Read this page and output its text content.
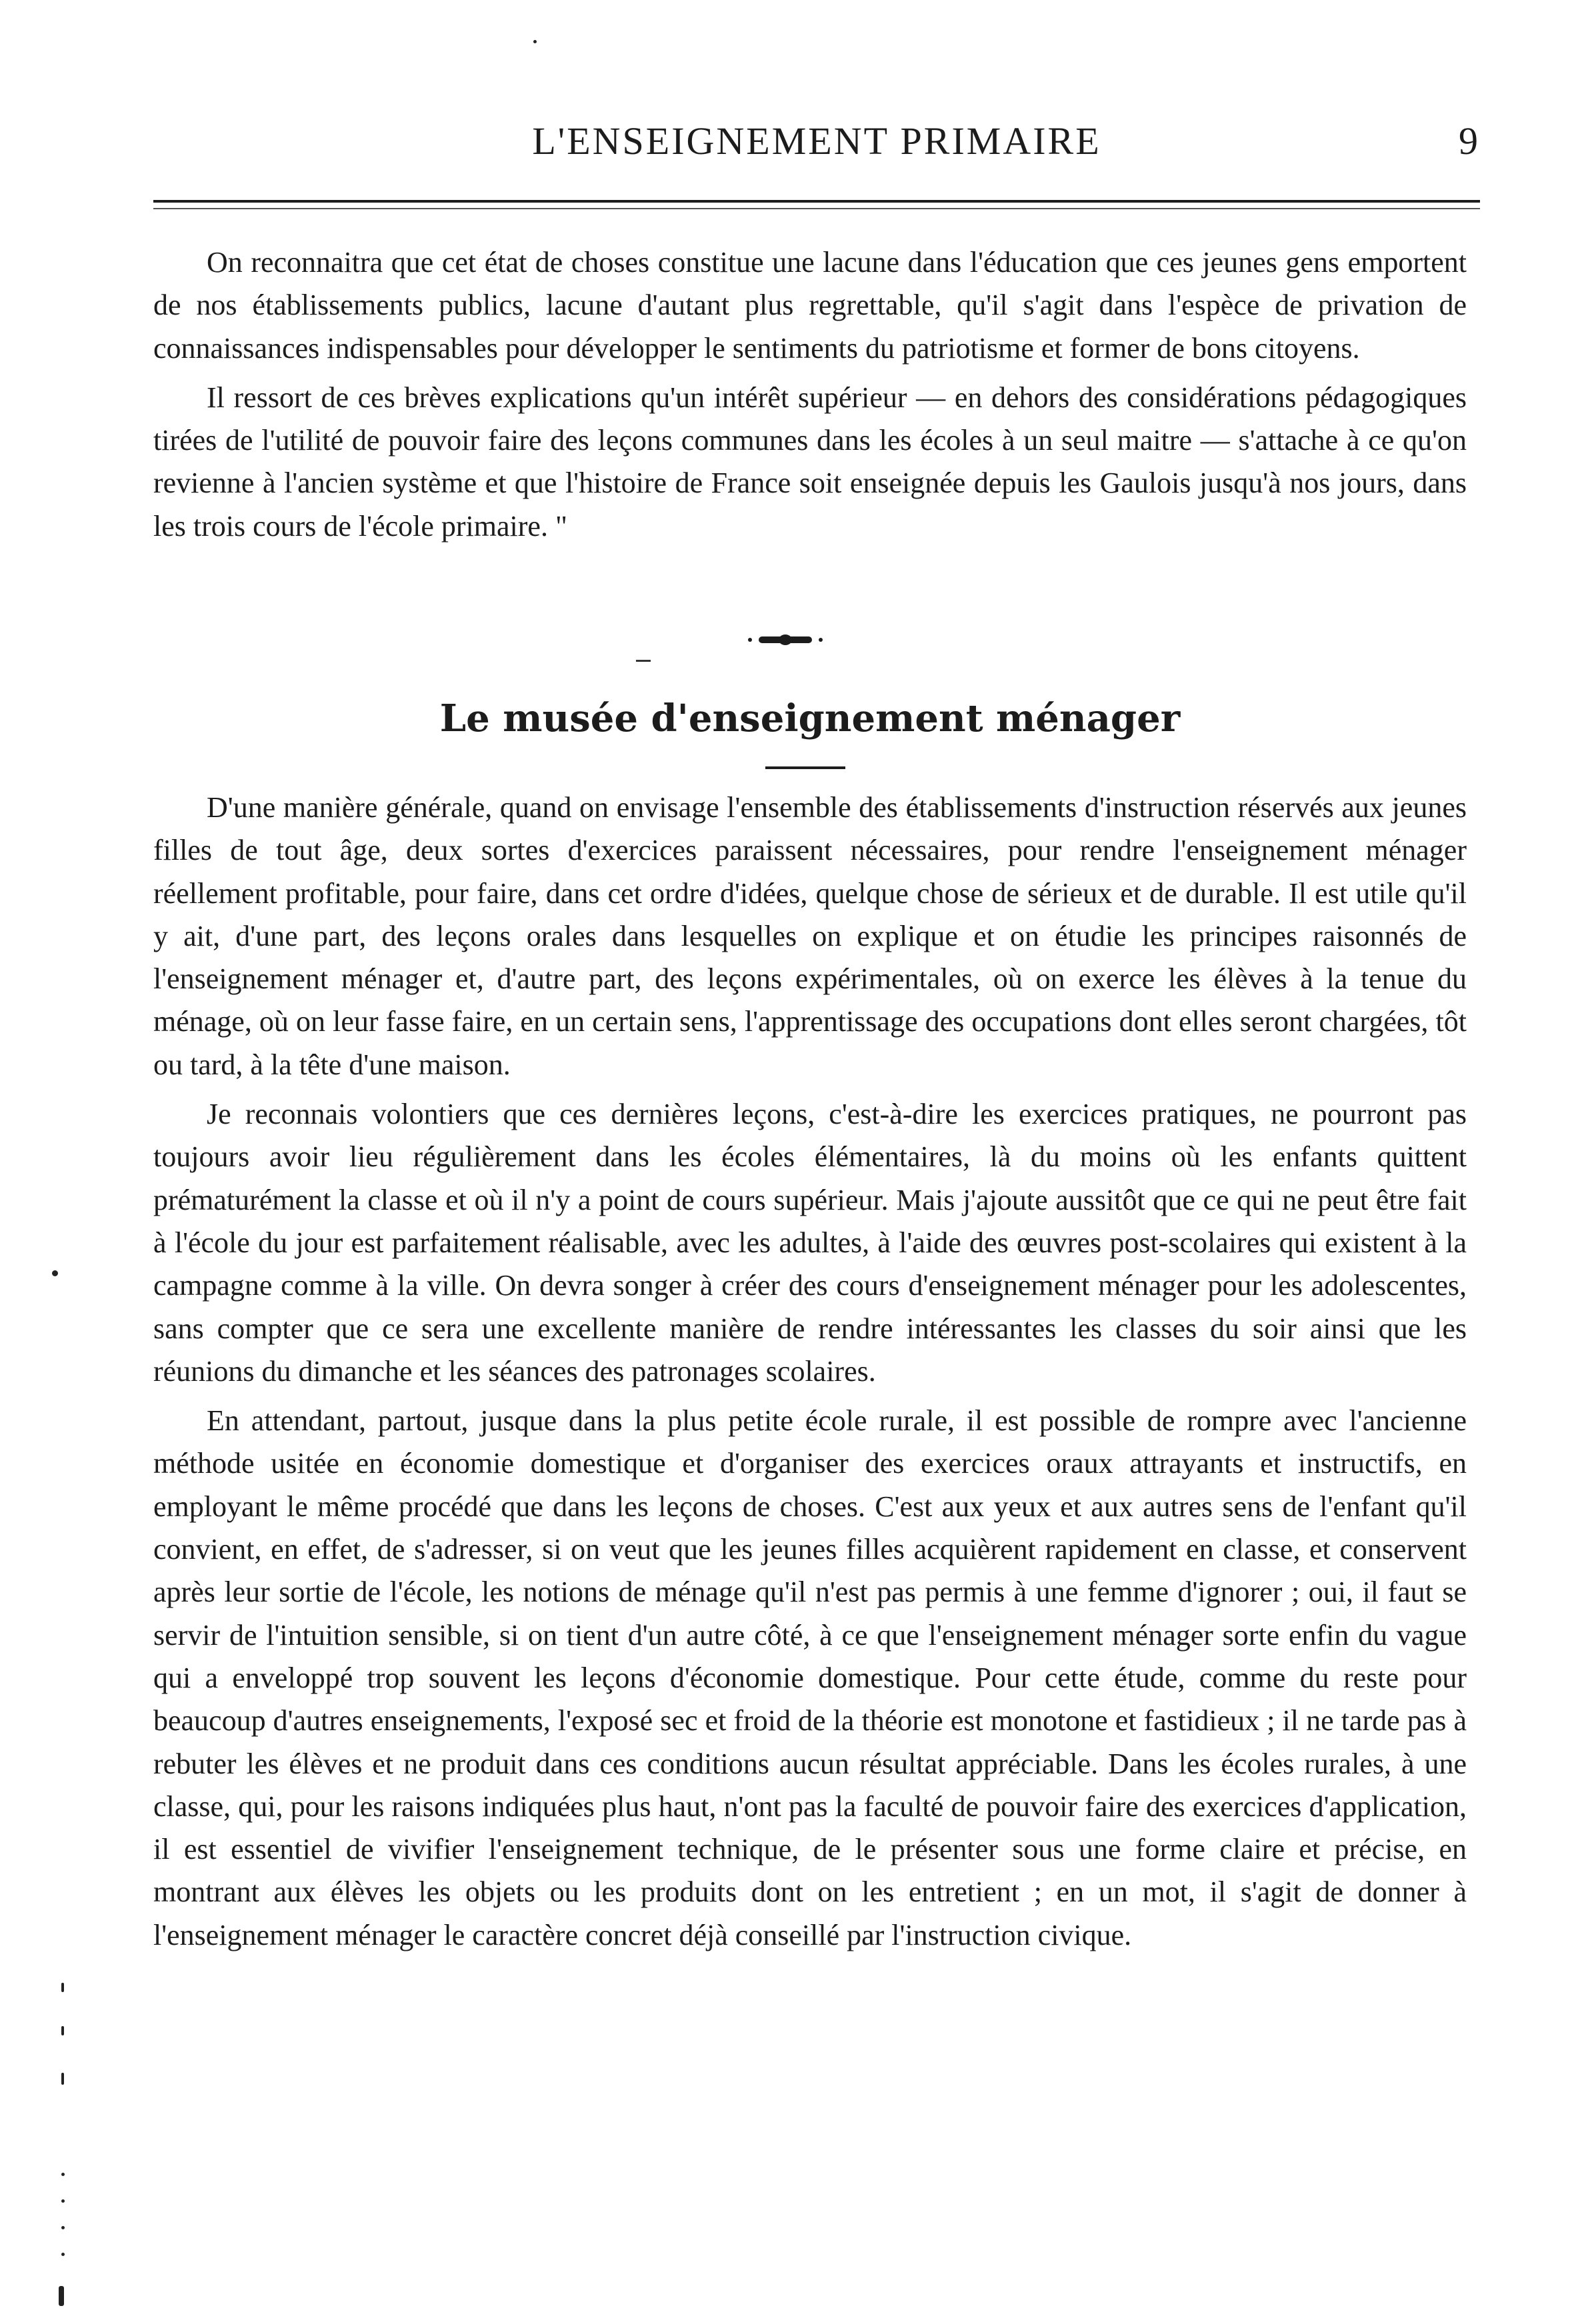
L'ENSEIGNEMENT PRIMAIRE	9

On reconnaitra que cet état de choses constitue une lacune dans l'éducation que ces jeunes gens emportent de nos établissements publics, lacune d'autant plus regrettable, qu'il s'agit dans l'espèce de privation de connaissances indispensables pour développer le sentiments du patriotisme et former de bons citoyens.

Il ressort de ces brèves explications qu'un intérêt supérieur — en dehors des considérations pédagogiques tirées de l'utilité de pouvoir faire des leçons communes dans les écoles à un seul maitre — s'attache à ce qu'on revienne à l'ancien système et que l'histoire de France soit enseignée depuis les Gaulois jusqu'à nos jours, dans les trois cours de l'école primaire. "

Le musée d'enseignement ménager

D'une manière générale, quand on envisage l'ensemble des établissements d'instruction réservés aux jeunes filles de tout âge, deux sortes d'exercices paraissent nécessaires, pour rendre l'enseignement ménager réellement profitable, pour faire, dans cet ordre d'idées, quelque chose de sérieux et de durable. Il est utile qu'il y ait, d'une part, des leçons orales dans lesquelles on explique et on étudie les principes raisonnés de l'enseignement ménager et, d'autre part, des leçons expérimentales, où on exerce les élèves à la tenue du ménage, où on leur fasse faire, en un certain sens, l'apprentissage des occupations dont elles seront chargées, tôt ou tard, à la tête d'une maison.

Je reconnais volontiers que ces dernières leçons, c'est-à-dire les exercices pratiques, ne pourront pas toujours avoir lieu régulièrement dans les écoles élémentaires, là du moins où les enfants quittent prématurément la classe et où il n'y a point de cours supérieur. Mais j'ajoute aussitôt que ce qui ne peut être fait à l'école du jour est parfaitement réalisable, avec les adultes, à l'aide des œuvres post-scolaires qui existent à la campagne comme à la ville. On devra songer à créer des cours d'enseignement ménager pour les adolescentes, sans compter que ce sera une excellente manière de rendre intéressantes les classes du soir ainsi que les réunions du dimanche et les séances des patronages scolaires.

En attendant, partout, jusque dans la plus petite école rurale, il est possible de rompre avec l'ancienne méthode usitée en économie domestique et d'organiser des exercices oraux attrayants et instructifs, en employant le même procédé que dans les leçons de choses. C'est aux yeux et aux autres sens de l'enfant qu'il convient, en effet, de s'adresser, si on veut que les jeunes filles acquièrent rapidement en classe, et conservent après leur sortie de l'école, les notions de ménage qu'il n'est pas permis à une femme d'ignorer ; oui, il faut se servir de l'intuition sensible, si on tient d'un autre côté, à ce que l'enseignement ménager sorte enfin du vague qui a enveloppé trop souvent les leçons d'économie domestique. Pour cette étude, comme du reste pour beaucoup d'autres enseignements, l'exposé sec et froid de la théorie est monotone et fastidieux ; il ne tarde pas à rebuter les élèves et ne produit dans ces conditions aucun résultat appréciable. Dans les écoles rurales, à une classe, qui, pour les raisons indiquées plus haut, n'ont pas la faculté de pouvoir faire des exercices d'application, il est essentiel de vivifier l'enseignement technique, de le présenter sous une forme claire et précise, en montrant aux élèves les objets ou les produits dont on les entretient ; en un mot, il s'agit de donner à l'enseignement ménager le caractère concret déjà conseillé par l'instruction civique.
